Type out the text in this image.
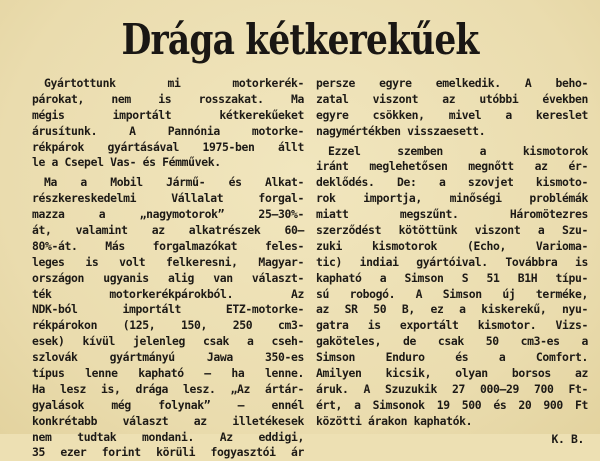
Drága kétkerekűek
Gyártottunk mi motorkerék-
párokat, nem is rosszakat. Ma
mégis importált kétkerekűeket
árusítunk. A Pannónia motorke-
rékpárok gyártásával 1975-ben állt
le a Csepel Vas- és Fémművek.
Ma a Mobil Jármű- és Alkat-
részkereskedelmi Vállalat forgal-
mazza a „nagymotorok” 25—30%-
át, valamint az alkatrészek 60—
80%-át. Más forgalmazókat feles-
leges is volt felkeresni, Magyar-
országon ugyanis alig van választ-
ték motorkerékpárokból. Az
NDK-ból importált ETZ-motorke-
rékpárokon (125, 150, 250 cm3-
esek) kívül jelenleg csak a cseh-
szlovák gyártmányú Jawa 350-es
típus lenne kapható — ha lenne.
Ha lesz is, drága lesz. „Az ártár-
gyalások még folynak” — ennél
konkrétabb választ az illetékesek
nem tudtak mondani. Az eddigi,
35 ezer forint körüli fogyasztói ár
persze egyre emelkedik. A beho-
zatal viszont az utóbbi években
egyre csökken, mivel a kereslet
nagymértékben visszaesett.
Ezzel szemben a kismotorok
iránt meglehetősen megnőtt az ér-
deklődés. De: a szovjet kismoto-
rok importja, minőségi problémák
miatt megszűnt. Háromötezres
szerződést kötöttünk viszont a Szu-
zuki kismotorok (Echo, Varioma-
tic) indiai gyártóival. Továbbra is
kapható a Simson S 51 B1H típu-
sú robogó. A Simson új terméke,
az SR 50 B, ez a kiskerekű, nyu-
gatra is exportált kismotor. Vizs-
gaköteles, de csak 50 cm3-es a
Simson Enduro és a Comfort.
Amilyen kicsik, olyan borsos az
áruk. A Szuzukik 27 000—29 700 Ft-
ért, a Simsonok 19 500 és 20 900 Ft
közötti árakon kaphatók.
K. B.
